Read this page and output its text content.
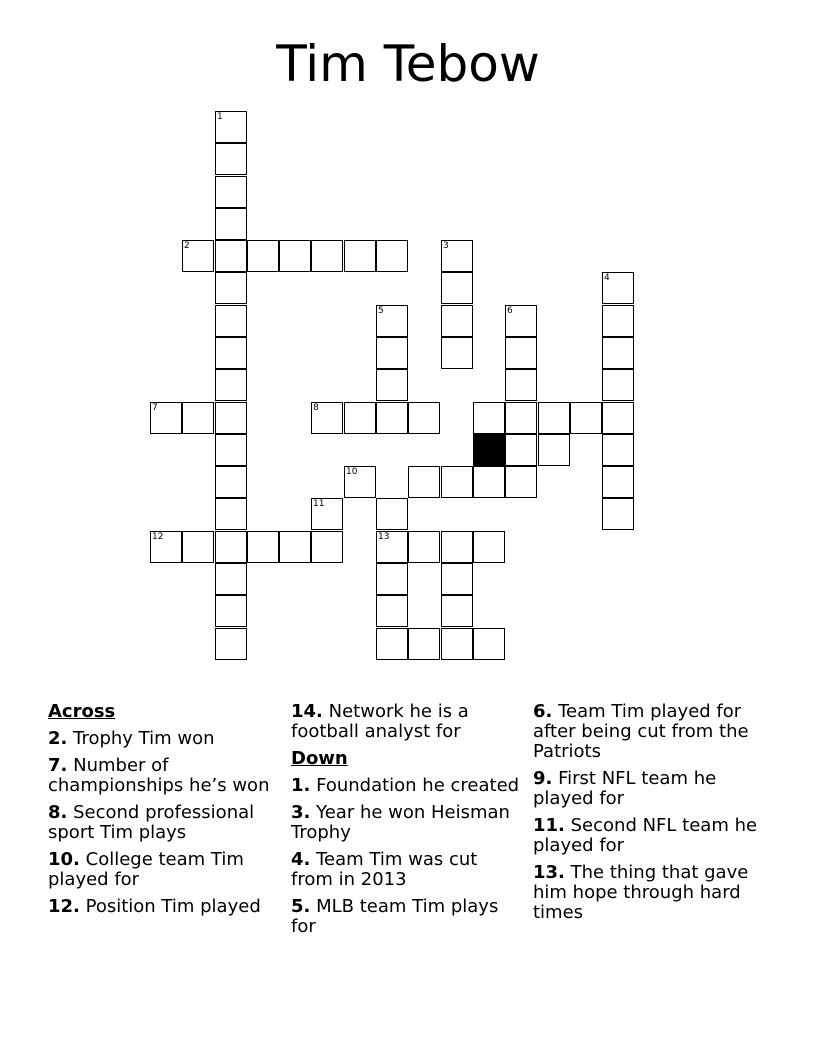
Tim Tebow
1
2	3
4
5
13
6
7	8
10
11
12
Across
2. Trophy Tim won
7. Number of championships he’s won
8. Second professional sport Tim plays
10. College team Tim played for
12. Position Tim played
14. Network he is a football analyst for
Down
1. Foundation he created
3. Year he won Heisman Trophy
4. Team Tim was cut from in 2013
5. MLB team Tim plays for
6. Team Tim played for after being cut from the Patriots
9. First NFL team he played for
11. Second NFL team he played for
13. The thing that gave him hope through hard times
